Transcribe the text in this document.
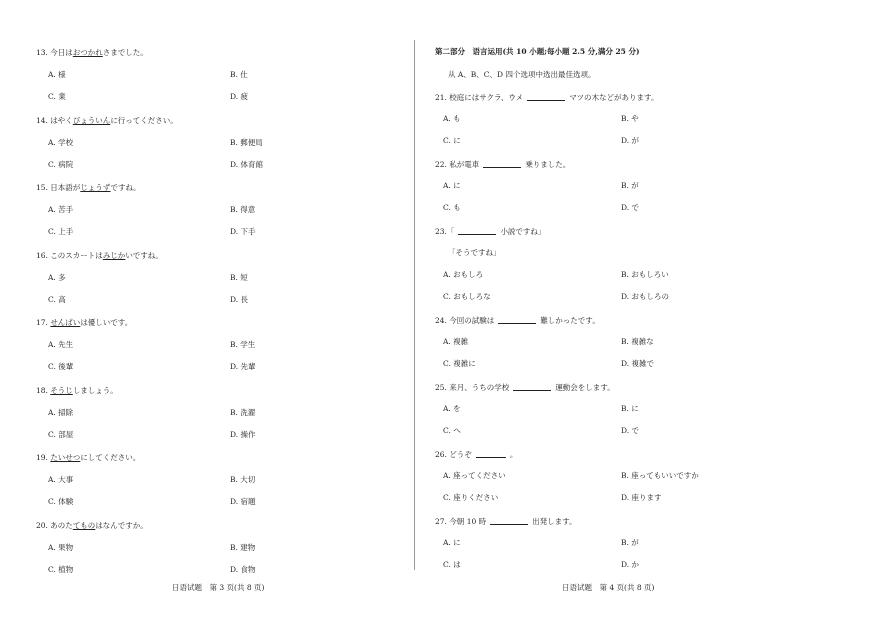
13. 今日はおつかれさまでした。
A. 様	B. 仕
C. 業	D. 疲
14. はやくびょういんに行ってください。
A. 学校	B. 郵便局
C. 病院	D. 体育館
15. 日本語がじょうずですね。
A. 苦手	B. 得意
C. 上手	D. 下手
16. このスカートはみじかいですね。
A. 多	B. 短
C. 高	D. 長
17. せんぱいは優しいです。
A. 先生	B. 学生
C. 後輩	D. 先輩
18. そうじしましょう。
A. 掃除	B. 洗濯
C. 部屋	D. 操作
19. たいせつにしてください。
A. 大事	B. 大切
C. 体験	D. 宿題
20. あのたてものはなんですか。
A. 果物	B. 建物
C. 植物	D. 食物
日语试题　第 3 页(共 8 页)
第二部分　语言运用(共 10 小题;每小题 2.5 分,满分 25 分)
从 A、B、C、D 四个选项中选出最佳选项。
21. 校庭にはサクラ、ウメ	マツの木などがあります。
A. も	B. や
C. に	D. が
22. 私が電車	乗りました。
A. に	B. が
C. も	D. で
23.「	小説ですね」
「そうですね」
A. おもしろ	B. おもしろい
C. おもしろな	D. おもしろの
24. 今回の試験は	難しかったです。
A. 複雑	B. 複雑な
C. 複雑に	D. 複雑で
25. 来月、うちの学校	運動会をします。
A. を	B. に
C. へ	D. で
26. どうぞ	。
A. 座ってください	B. 座ってもいいですか
C. 座りください	D. 座ります
27. 今朝 10 時	出発します。
A. に	B. が
C. は	D. か
日语试题　第 4 页(共 8 页)
